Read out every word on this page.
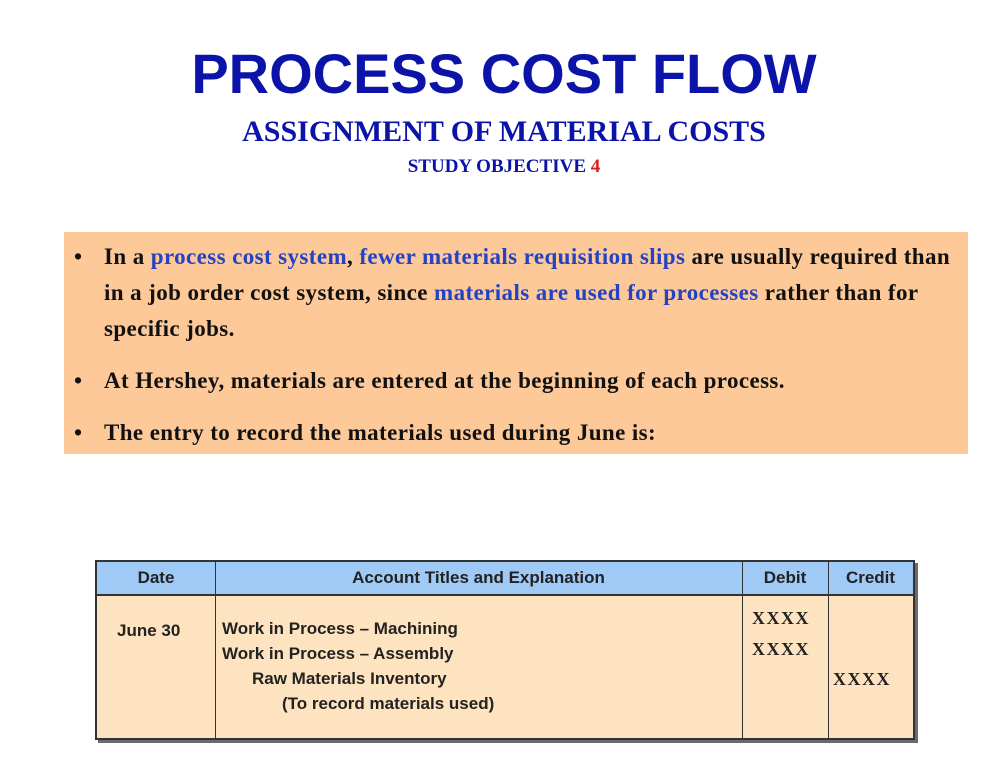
PROCESS COST FLOW
ASSIGNMENT OF MATERIAL COSTS
STUDY OBJECTIVE 4
• In a process cost system, fewer materials requisition slips are usually required than in a job order cost system, since materials are used for processes rather than for specific jobs.
• At Hershey, materials are entered at the beginning of each process.
• The entry to record the materials used during June is:
Date
June 30
Account Titles and Explanation
Work in Process – Machining
Work in Process – Assembly
Raw Materials Inventory
(To record materials used)
Debit
XXXX
XXXX
Credit
XXXX
